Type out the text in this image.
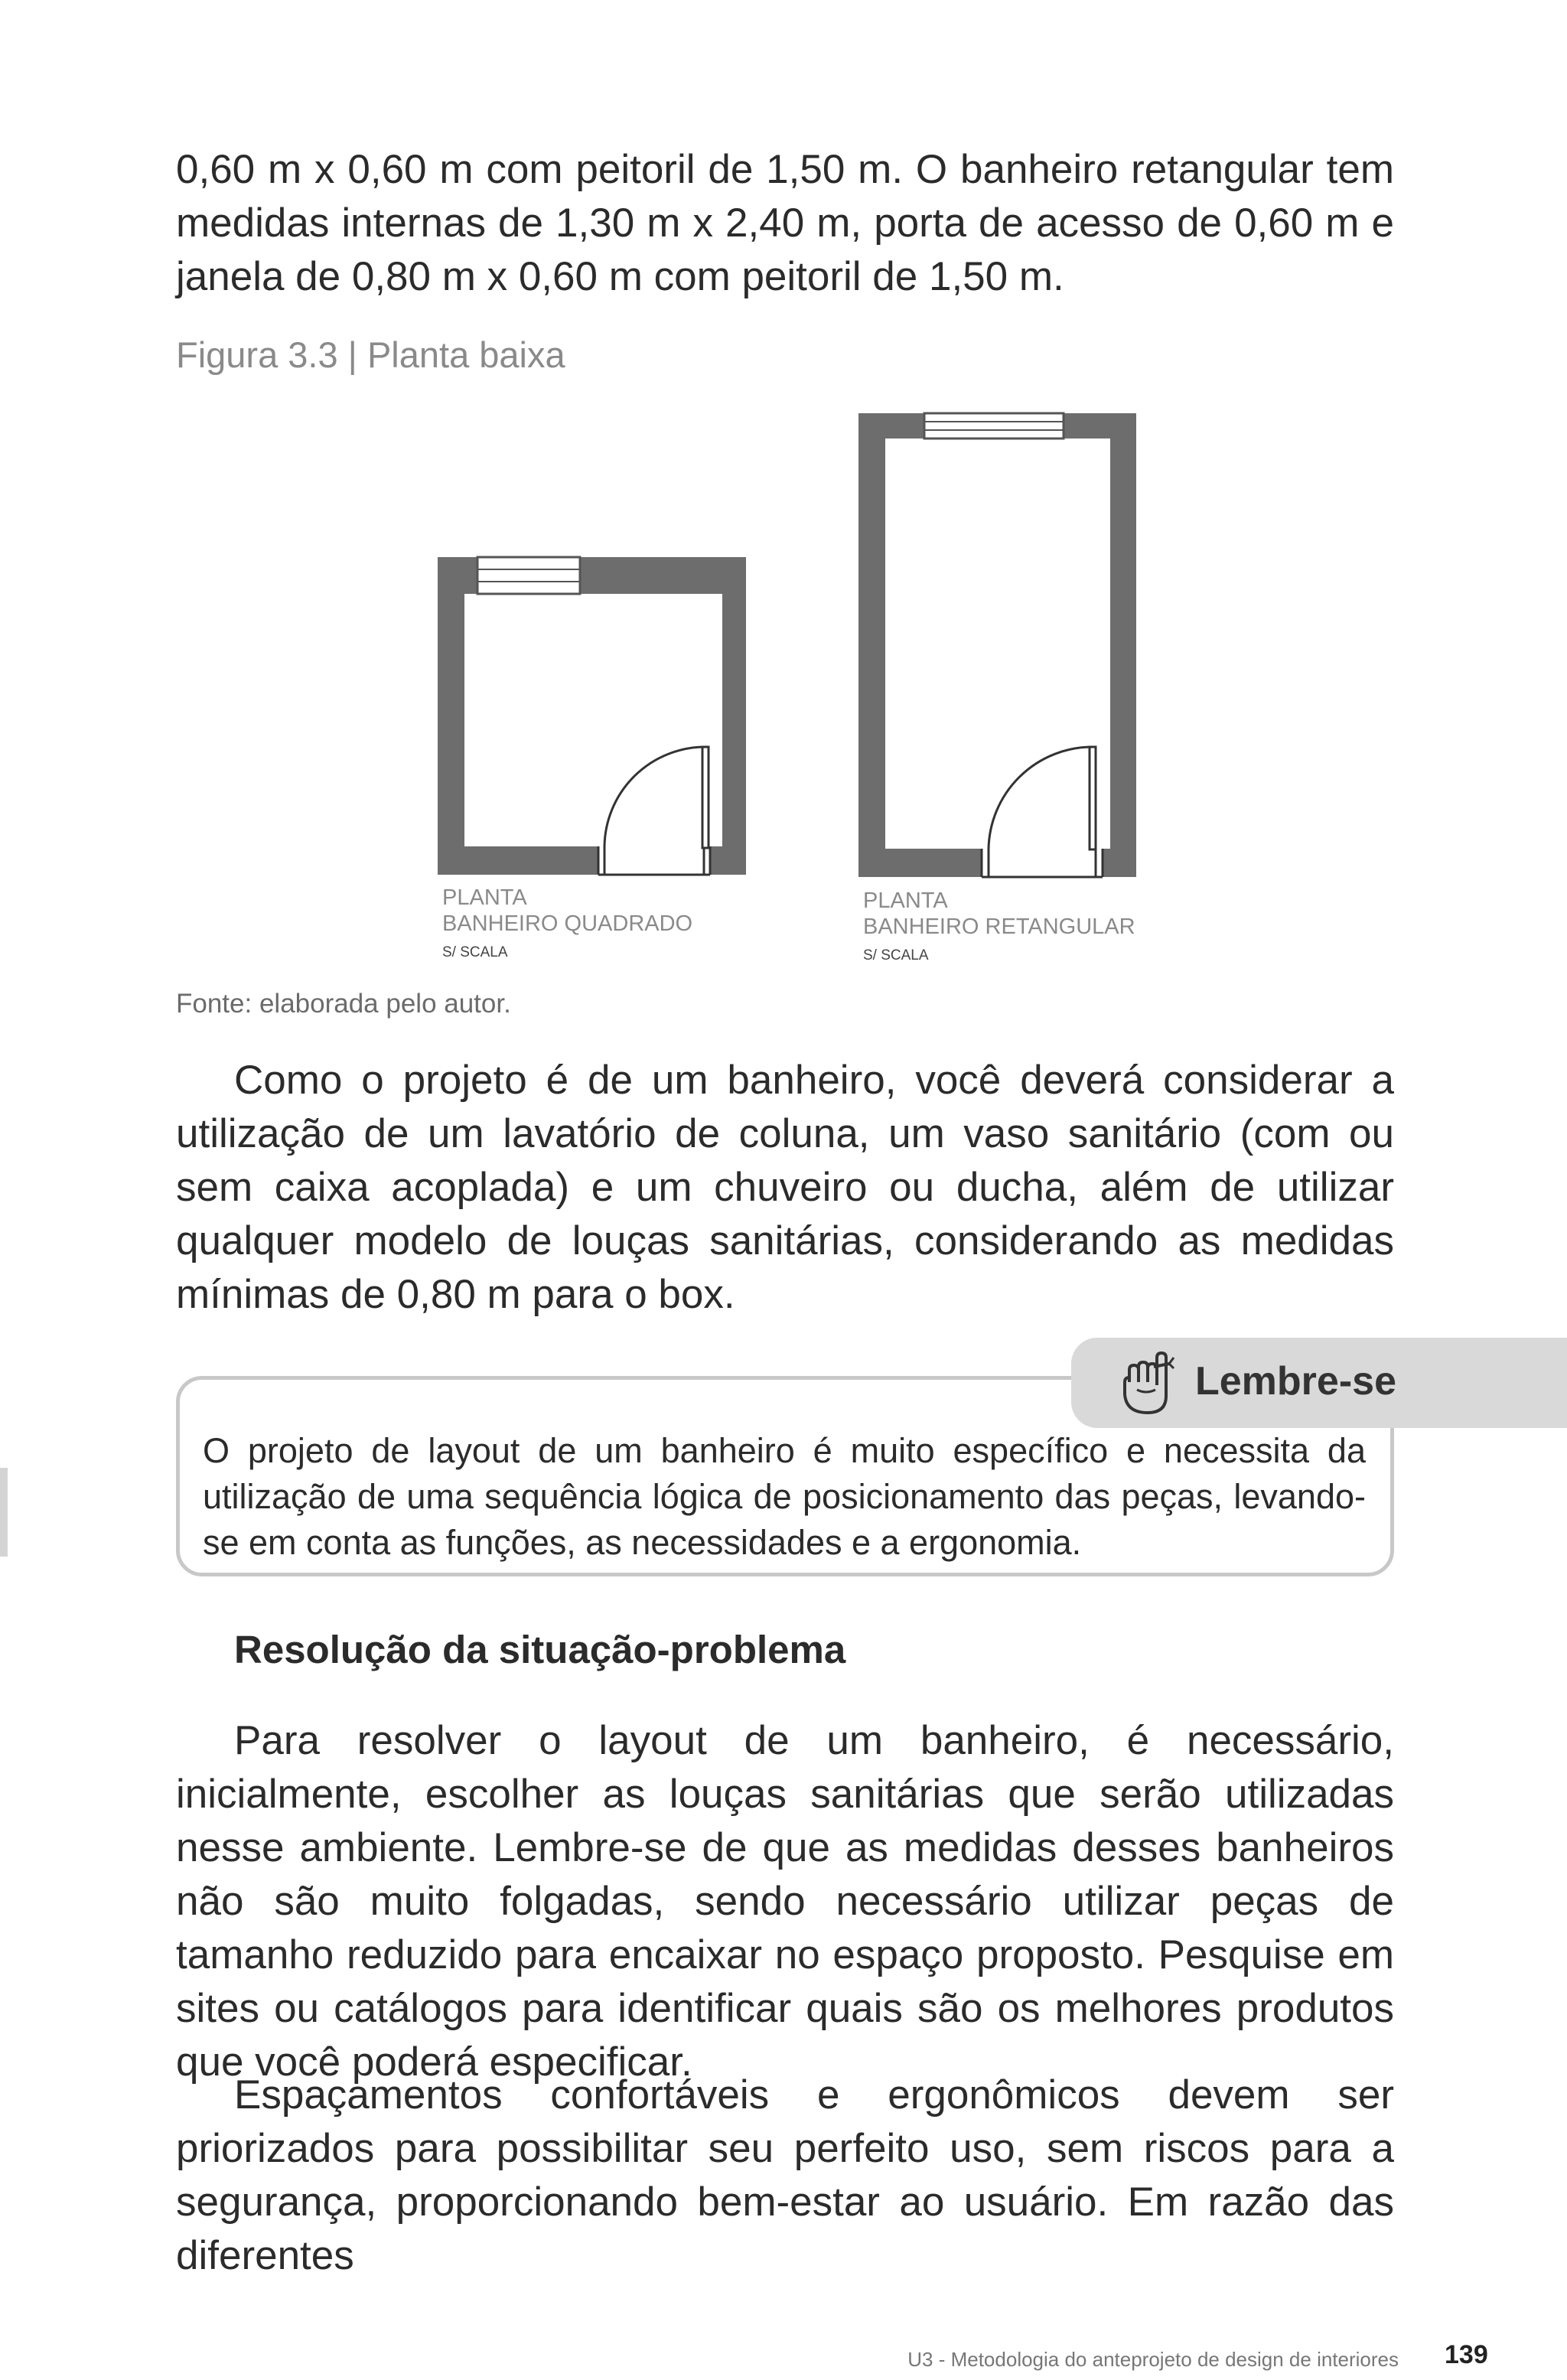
0,60 m x 0,60 m com peitoril de 1,50 m. O banheiro retangular tem medidas internas de 1,30 m x 2,40 m, porta de acesso de 0,60 m e janela de 0,80 m x 0,60 m com peitoril de 1,50 m.

Figura 3.3 | Planta baixa

PLANTA
BANHEIRO QUADRADO
S/ SCALA
PLANTA
BANHEIRO RETANGULAR
S/ SCALA

Fonte: elaborada pelo autor.

Como o projeto é de um banheiro, você deverá considerar a utilização de um lavatório de coluna, um vaso sanitário (com ou sem caixa acoplada) e um chuveiro ou ducha, além de utilizar qualquer modelo de louças sanitárias, considerando as medidas mínimas de 0,80 m para o box.

Lembre-se

O projeto de layout de um banheiro é muito específico e necessita da utilização de uma sequência lógica de posicionamento das peças, levando-se em conta as funções, as necessidades e a ergonomia.

Resolução da situação-problema

Para resolver o layout de um banheiro, é necessário, inicialmente, escolher as louças sanitárias que serão utilizadas nesse ambiente. Lembre-se de que as medidas desses banheiros não são muito folgadas, sendo necessário utilizar peças de tamanho reduzido para encaixar no espaço proposto. Pesquise em sites ou catálogos para identificar quais são os melhores produtos que você poderá especificar.

Espaçamentos confortáveis e ergonômicos devem ser priorizados para possibilitar seu perfeito uso, sem riscos para a segurança, proporcionando bem-estar ao usuário. Em razão das diferentes

U3 - Metodologia do anteprojeto de design de interiores 139
